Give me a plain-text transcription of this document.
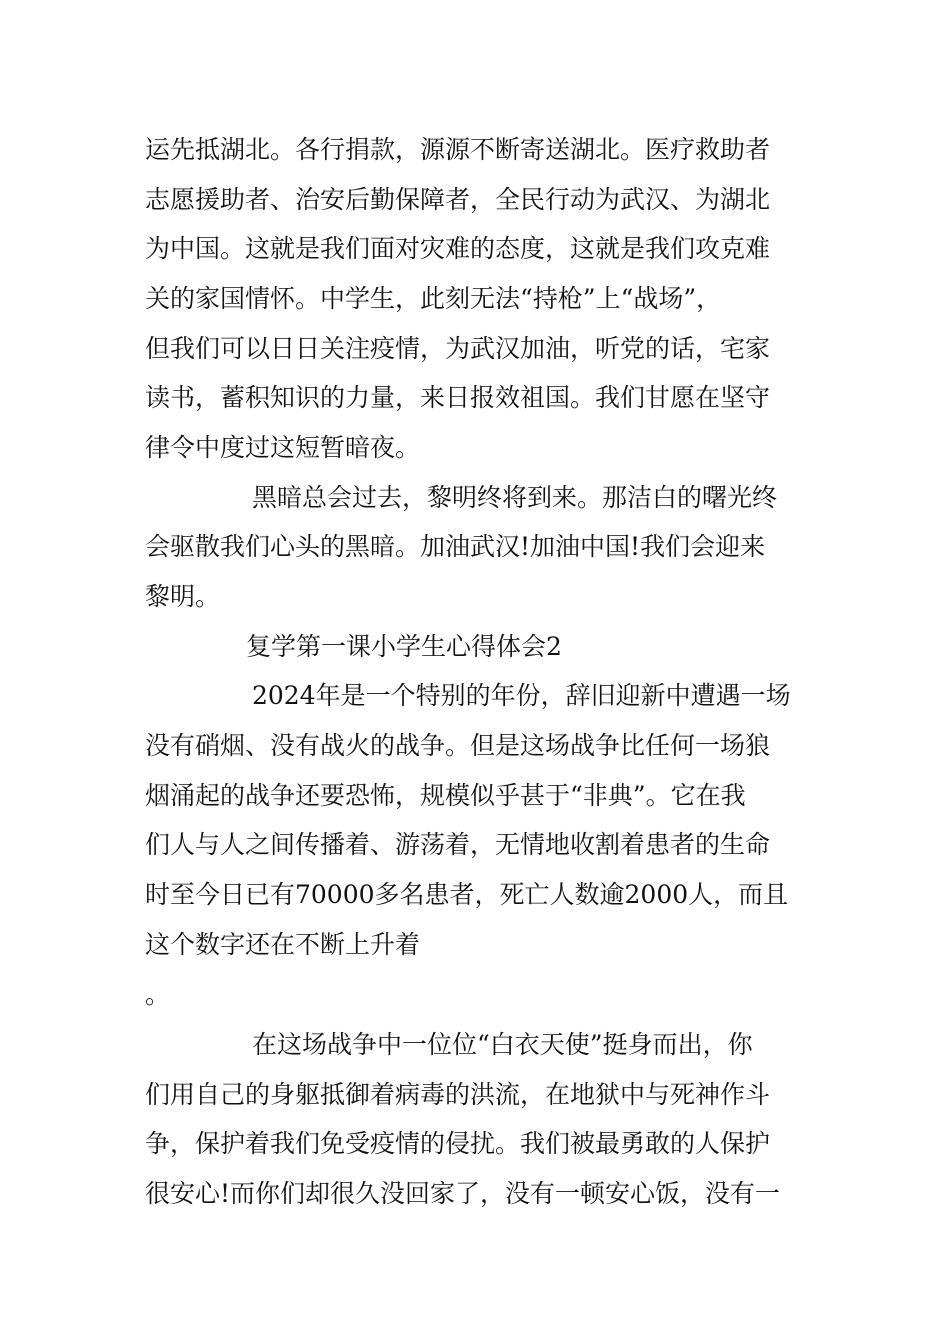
运先抵湖北。各行捐款，源源不断寄送湖北。医疗救助者
志愿援助者、治安后勤保障者，全民行动为武汉、为湖北
为中国。这就是我们面对灾难的态度，这就是我们攻克难
关的家国情怀。中学生，此刻无法“持枪”上“战场”，
但我们可以日日关注疫情，为武汉加油，听党的话，宅家
读书，蓄积知识的力量，来日报效祖国。我们甘愿在坚守
律令中度过这短暂暗夜。
黑暗总会过去，黎明终将到来。那洁白的曙光终
会驱散我们心头的黑暗。加油武汉!加油中国!我们会迎来
黎明。
复学第一课小学生心得体会2
2024年是一个特别的年份，辞旧迎新中遭遇一场
没有硝烟、没有战火的战争。但是这场战争比任何一场狼
烟涌起的战争还要恐怖，规模似乎甚于“非典”。它在我
们人与人之间传播着、游荡着，无情地收割着患者的生命
时至今日已有70000多名患者，死亡人数逾2000人，而且
这个数字还在不断上升着
。
在这场战争中一位位“白衣天使”挺身而出，你
们用自己的身躯抵御着病毒的洪流，在地狱中与死神作斗
争，保护着我们免受疫情的侵扰。我们被最勇敢的人保护
很安心!而你们却很久没回家了，没有一顿安心饭，没有一
